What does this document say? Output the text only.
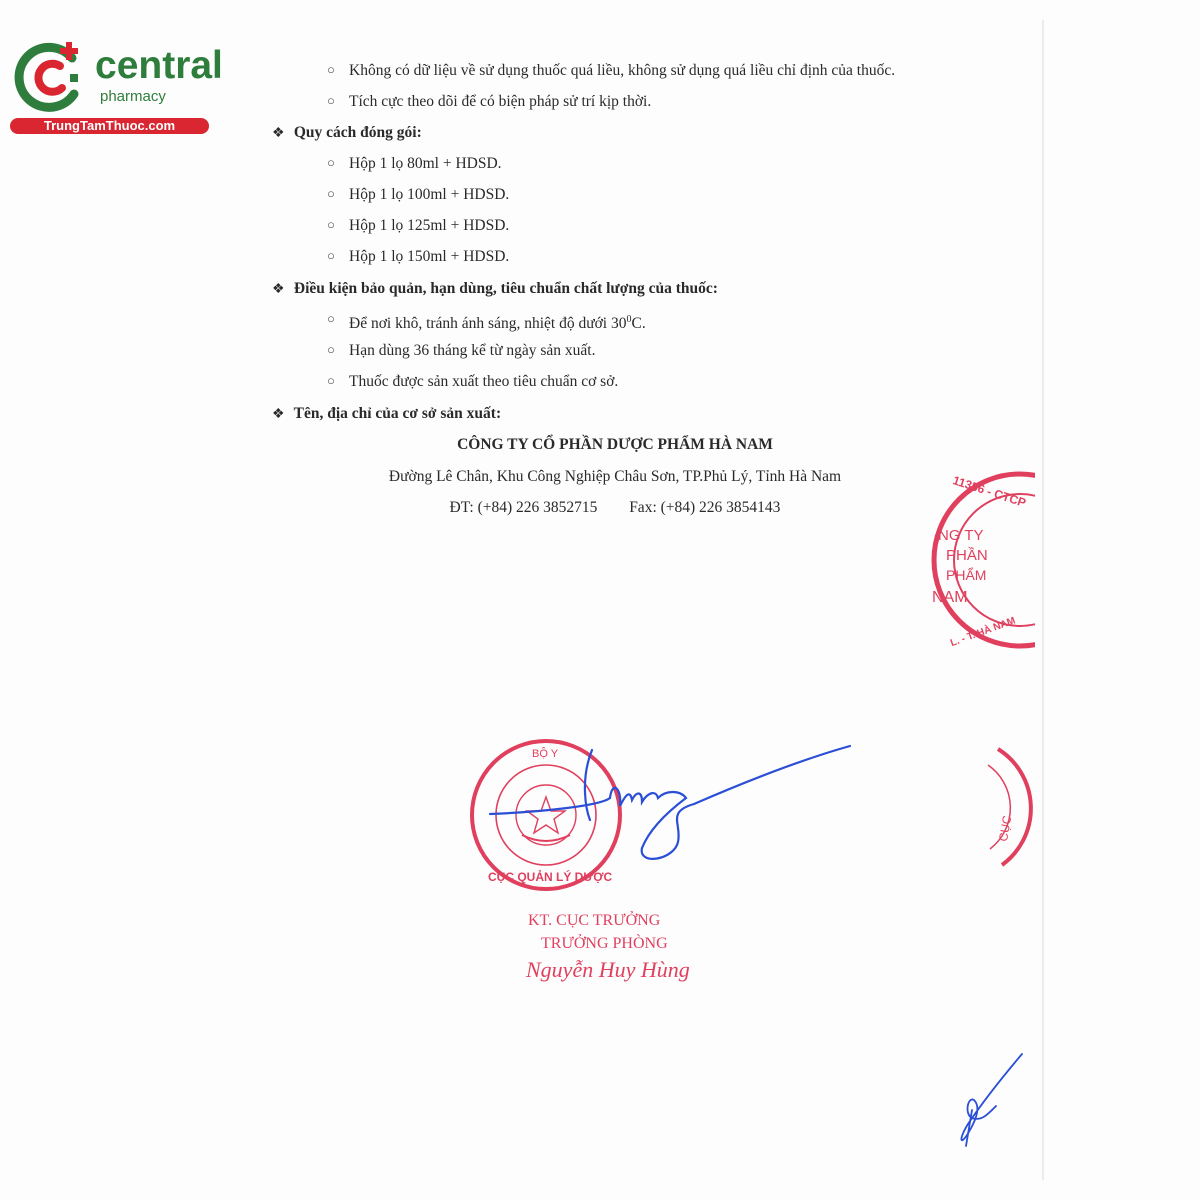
central
pharmacy
TrungTamThuoc.com
○ Không có dữ liệu về sử dụng thuốc quá liều, không sử dụng quá liều chỉ định của thuốc.
○ Tích cực theo dõi để có biện pháp sử trí kịp thời.
❖ Quy cách đóng gói:
○ Hộp 1 lọ 80ml + HDSD.
○ Hộp 1 lọ 100ml + HDSD.
○ Hộp 1 lọ 125ml + HDSD.
○ Hộp 1 lọ 150ml + HDSD.
❖ Điều kiện bảo quản, hạn dùng, tiêu chuẩn chất lượng của thuốc:
○ Để nơi khô, tránh ánh sáng, nhiệt độ dưới $30^0C$.
○ Hạn dùng 36 tháng kể từ ngày sản xuất.
○ Thuốc được sản xuất theo tiêu chuẩn cơ sở.
❖ Tên, địa chỉ của cơ sở sản xuất:
CÔNG TY CỔ PHẦN DƯỢC PHẨM HÀ NAM
Đường Lê Chân, Khu Công Nghiệp Châu Sơn, TP.Phủ Lý, Tỉnh Hà Nam
ĐT: (+84) 226 3852715 Fax: (+84) 226 3854143	11356 - CTCP
NG TY
PHẦN
PHẨM
NAM
L. - T. HÀ NAM
BỘ Y
CỤC QUẢN LÝ DƯỢC
CỤC
KT. CỤC TRƯỞNG
TRƯỞNG PHÒNG
Nguyễn Huy Hùng
